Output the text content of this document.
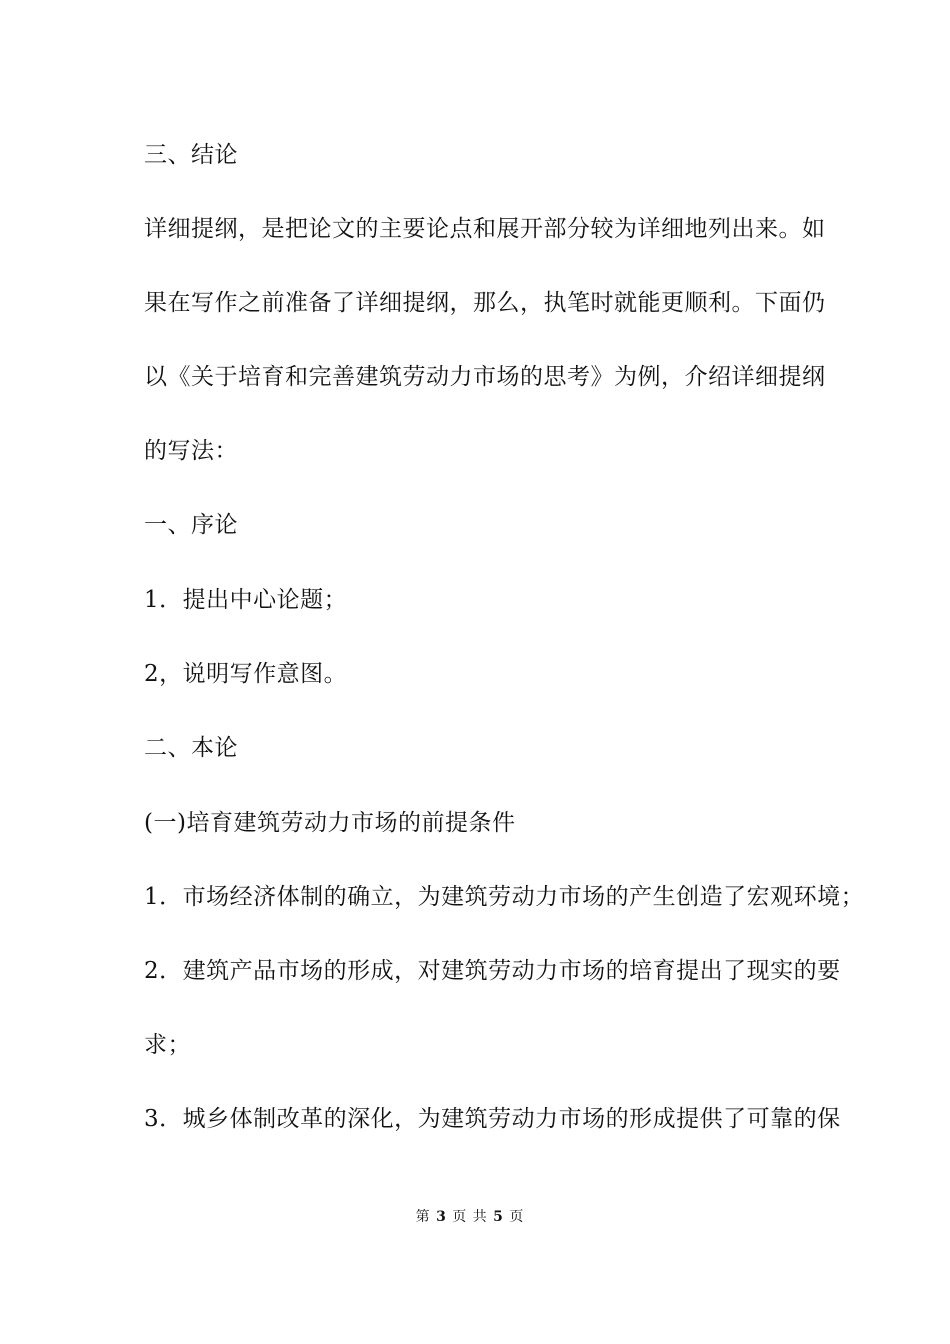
三、结论
详细提纲，是把论文的主要论点和展开部分较为详细地列出来。如
果在写作之前准备了详细提纲，那么，执笔时就能更顺利。下面仍
以《关于培育和完善建筑劳动力市场的思考》为例，介绍详细提纲
的写法：
一、序论
1．提出中心论题；
2，说明写作意图。
二、本论
(一)培育建筑劳动力市场的前提条件
1．市场经济体制的确立，为建筑劳动力市场的产生创造了宏观环境；
2．建筑产品市场的形成，对建筑劳动力市场的培育提出了现实的要
求；
3．城乡体制改革的深化，为建筑劳动力市场的形成提供了可靠的保
第 3 页 共 5 页
